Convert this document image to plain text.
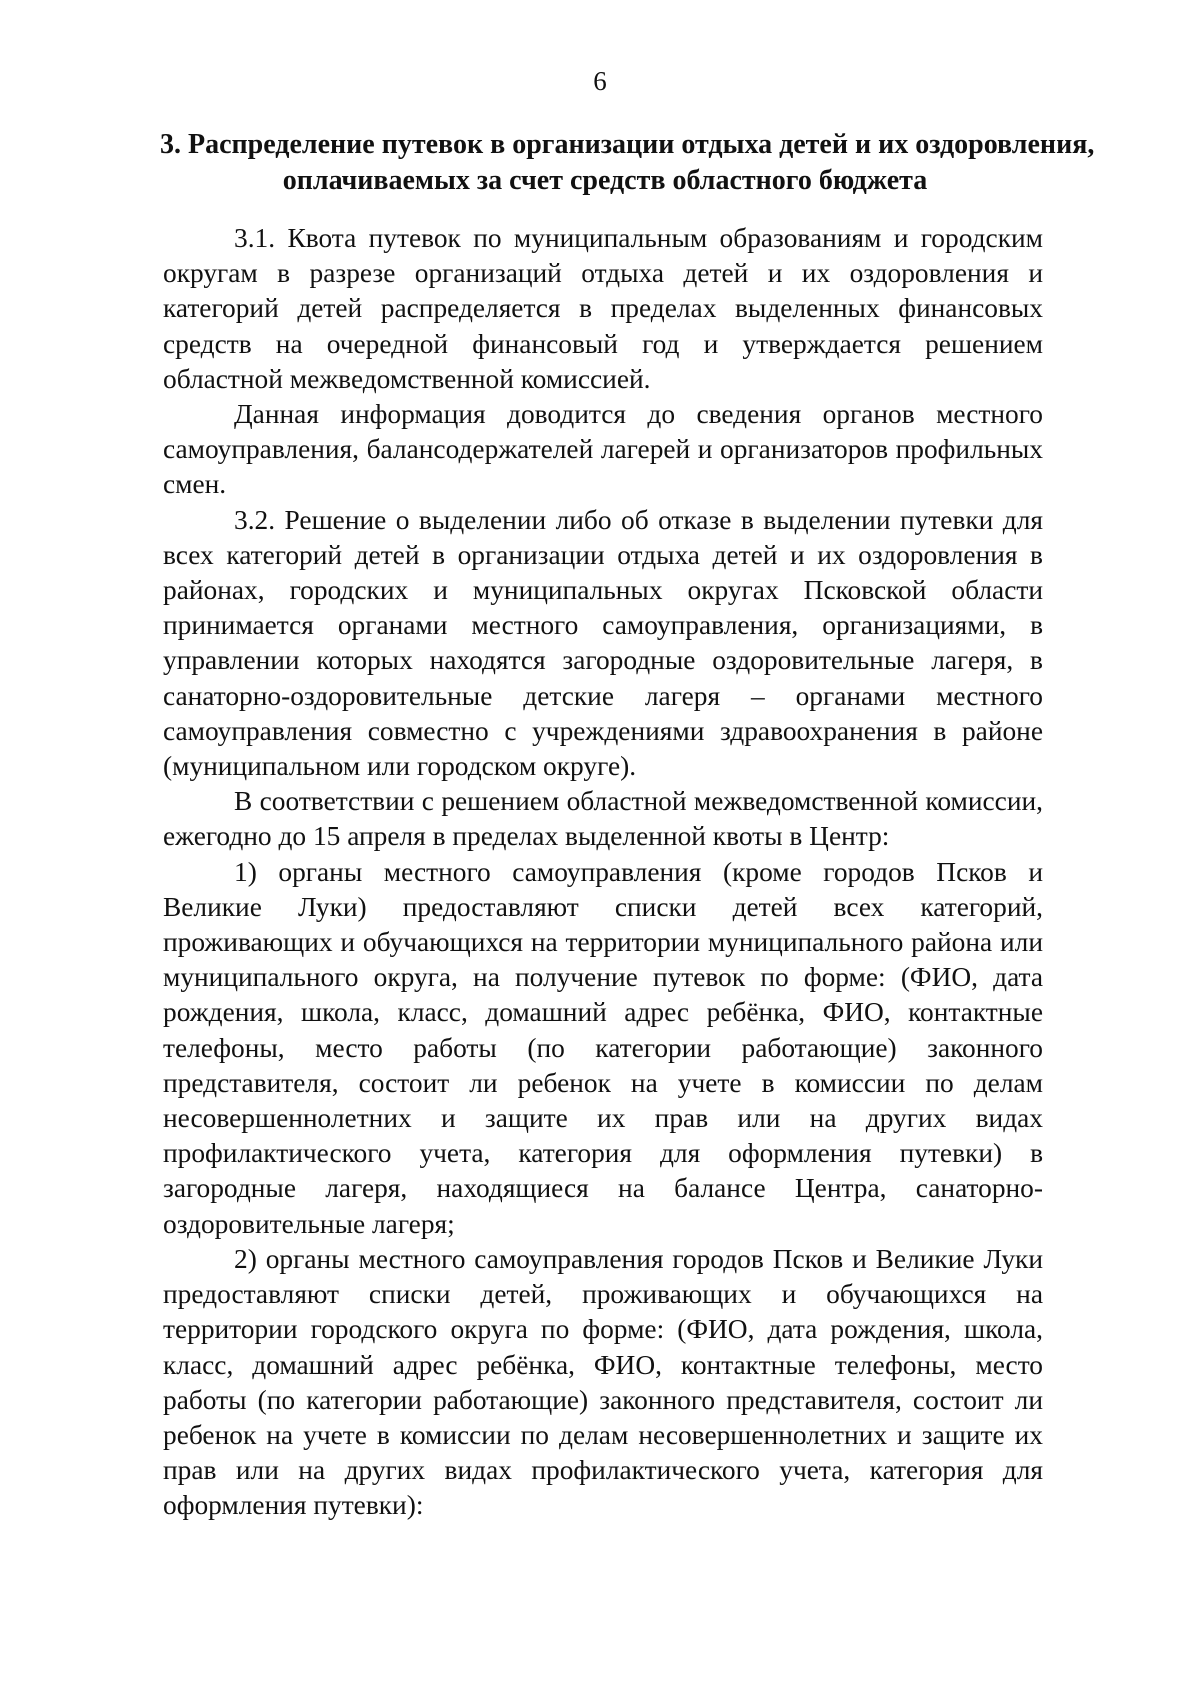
6
3. Распределение путевок в организации отдыха детей и их оздоровления,
оплачиваемых за счет средств областного бюджета

3.1. Квота путевок по муниципальным образованиям и городским округам в разрезе организаций отдыха детей и их оздоровления и категорий детей распределяется в пределах выделенных финансовых средств на очередной финансовый год и утверждается решением областной межведомственной комиссией.

Данная информация доводится до сведения органов местного самоуправления, балансодержателей лагерей и организаторов профильных смен.

3.2. Решение о выделении либо об отказе в выделении путевки для всех категорий детей в организации отдыха детей и их оздоровления в районах, городских и муниципальных округах Псковской области принимается органами местного самоуправления, организациями, в управлении которых находятся загородные оздоровительные лагеря, в санаторно-оздоровительные детские лагеря – органами местного самоуправления совместно с учреждениями здравоохранения в районе (муниципальном или городском округе).

В соответствии с решением областной межведомственной комиссии, ежегодно до 15 апреля в пределах выделенной квоты в Центр:

1) органы местного самоуправления (кроме городов Псков и Великие Луки) предоставляют списки детей всех категорий, проживающих и обучающихся на территории муниципального района или муниципального округа, на получение путевок по форме: (ФИО, дата рождения, школа, класс, домашний адрес ребёнка, ФИО, контактные телефоны, место работы (по категории работающие) законного представителя, состоит ли ребенок на учете в комиссии по делам несовершеннолетних и защите их прав или на других видах профилактического учета, категория для оформления путевки) в загородные лагеря, находящиеся на балансе Центра, санаторно-оздоровительные лагеря;

2) органы местного самоуправления городов Псков и Великие Луки предоставляют списки детей, проживающих и обучающихся на территории городского округа по форме: (ФИО, дата рождения, школа, класс, домашний адрес ребёнка, ФИО, контактные телефоны, место работы (по категории работающие) законного представителя, состоит ли ребенок на учете в комиссии по делам несовершеннолетних и защите их прав или на других видах профилактического учета, категория для оформления путевки):
